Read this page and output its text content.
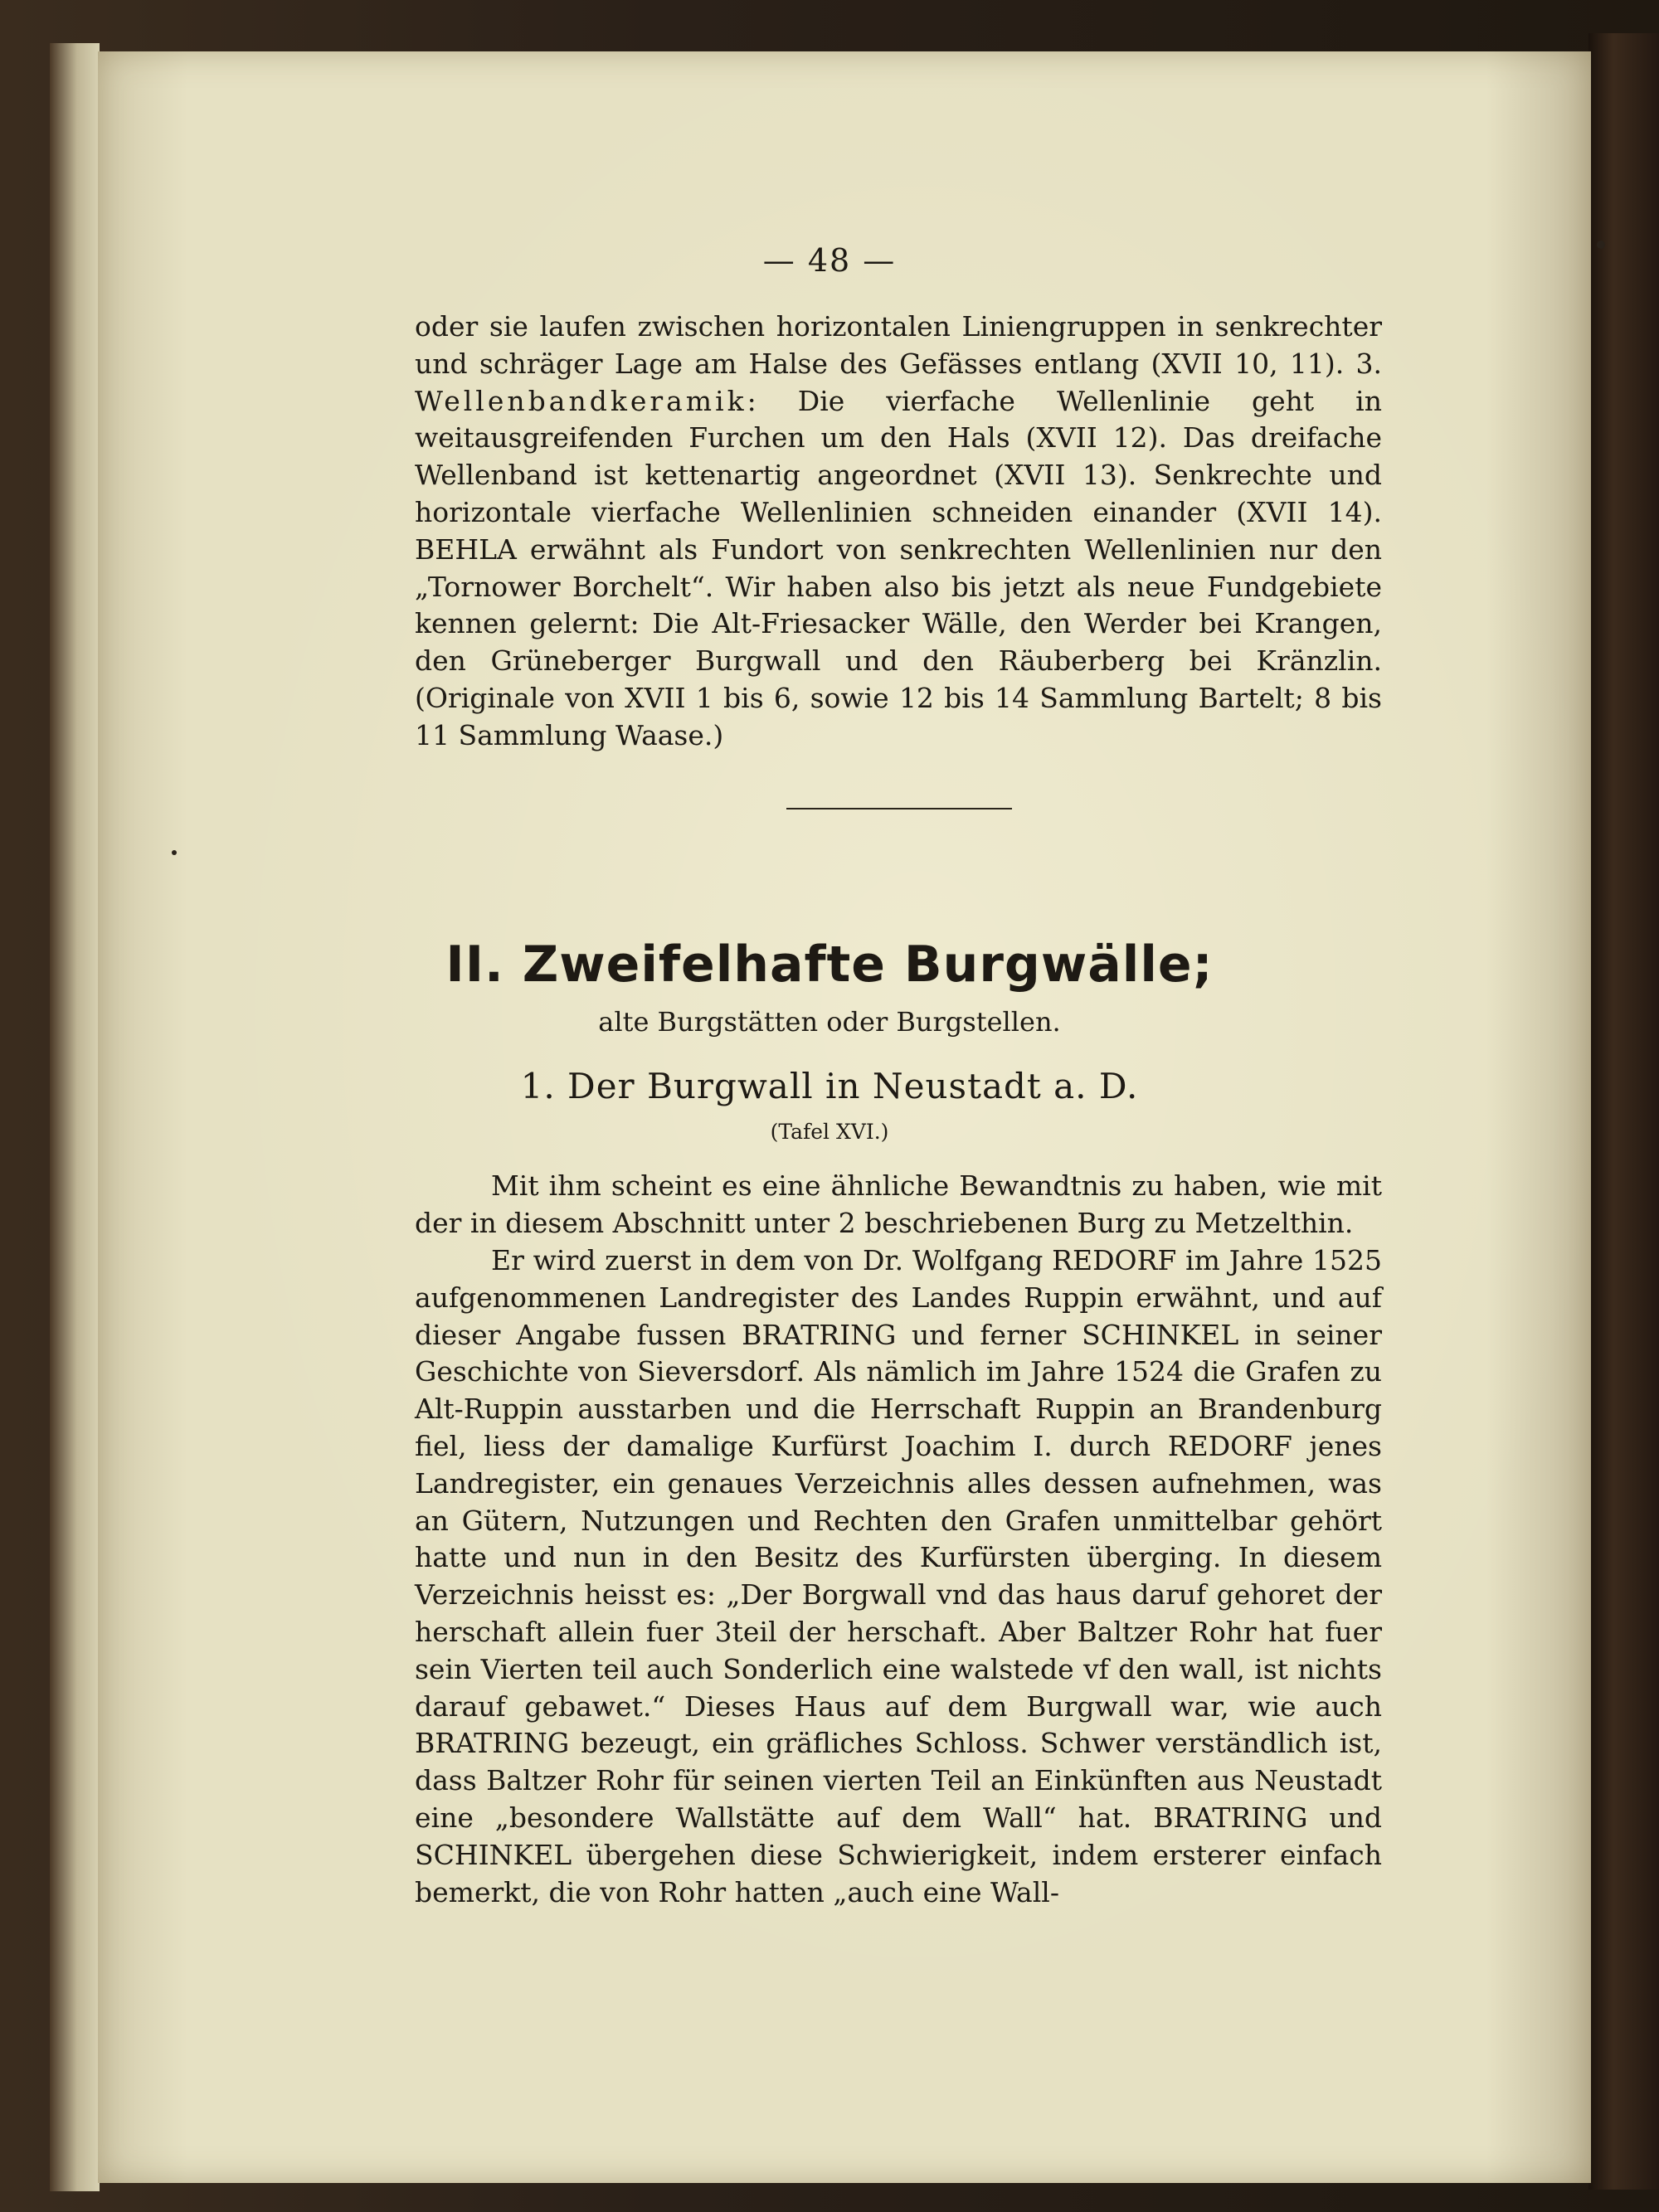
— 48 —

oder sie laufen zwischen horizontalen Liniengruppen in senkrechter und schräger Lage am Halse des Gefässes entlang (XVII 10, 11). 3. Wellenbandkeramik: Die vierfache Wellenlinie geht in weitausgreifenden Furchen um den Hals (XVII 12). Das dreifache Wellenband ist kettenartig angeordnet (XVII 13). Senkrechte und horizontale vierfache Wellenlinien schneiden einander (XVII 14). BEHLA erwähnt als Fundort von senkrechten Wellenlinien nur den „Tornower Borchelt“. Wir haben also bis jetzt als neue Fundgebiete kennen gelernt: Die Alt-Friesacker Wälle, den Werder bei Krangen, den Grüneberger Burgwall und den Räuberberg bei Kränzlin. (Originale von XVII 1 bis 6, sowie 12 bis 14 Sammlung Bartelt; 8 bis 11 Sammlung Waase.)

II. Zweifelhafte Burgwälle;
alte Burgstätten oder Burgstellen.
1. Der Burgwall in Neustadt a. D.
(Tafel XVI.)

Mit ihm scheint es eine ähnliche Bewandtnis zu haben, wie mit der in diesem Abschnitt unter 2 beschriebenen Burg zu Metzelthin.

Er wird zuerst in dem von Dr. Wolfgang REDORF im Jahre 1525 aufgenommenen Landregister des Landes Ruppin erwähnt, und auf dieser Angabe fussen BRATRING und ferner SCHINKEL in seiner Geschichte von Sieversdorf. Als nämlich im Jahre 1524 die Grafen zu Alt-Ruppin ausstarben und die Herrschaft Ruppin an Brandenburg fiel, liess der damalige Kurfürst Joachim I. durch REDORF jenes Landregister, ein genaues Verzeichnis alles dessen aufnehmen, was an Gütern, Nutzungen und Rechten den Grafen unmittelbar gehört hatte und nun in den Besitz des Kurfürsten überging. In diesem Verzeichnis heisst es: „Der Borgwall vnd das haus daruf gehoret der herschaft allein fuer 3teil der herschaft. Aber Baltzer Rohr hat fuer sein Vierten teil auch Sonderlich eine walstede vf den wall, ist nichts darauf gebawet.“ Dieses Haus auf dem Burgwall war, wie auch BRATRING bezeugt, ein gräfliches Schloss. Schwer verständlich ist, dass Baltzer Rohr für seinen vierten Teil an Einkünften aus Neustadt eine „besondere Wallstätte auf dem Wall“ hat. BRATRING und SCHINKEL übergehen diese Schwierigkeit, indem ersterer einfach bemerkt, die von Rohr hatten „auch eine Wall-
